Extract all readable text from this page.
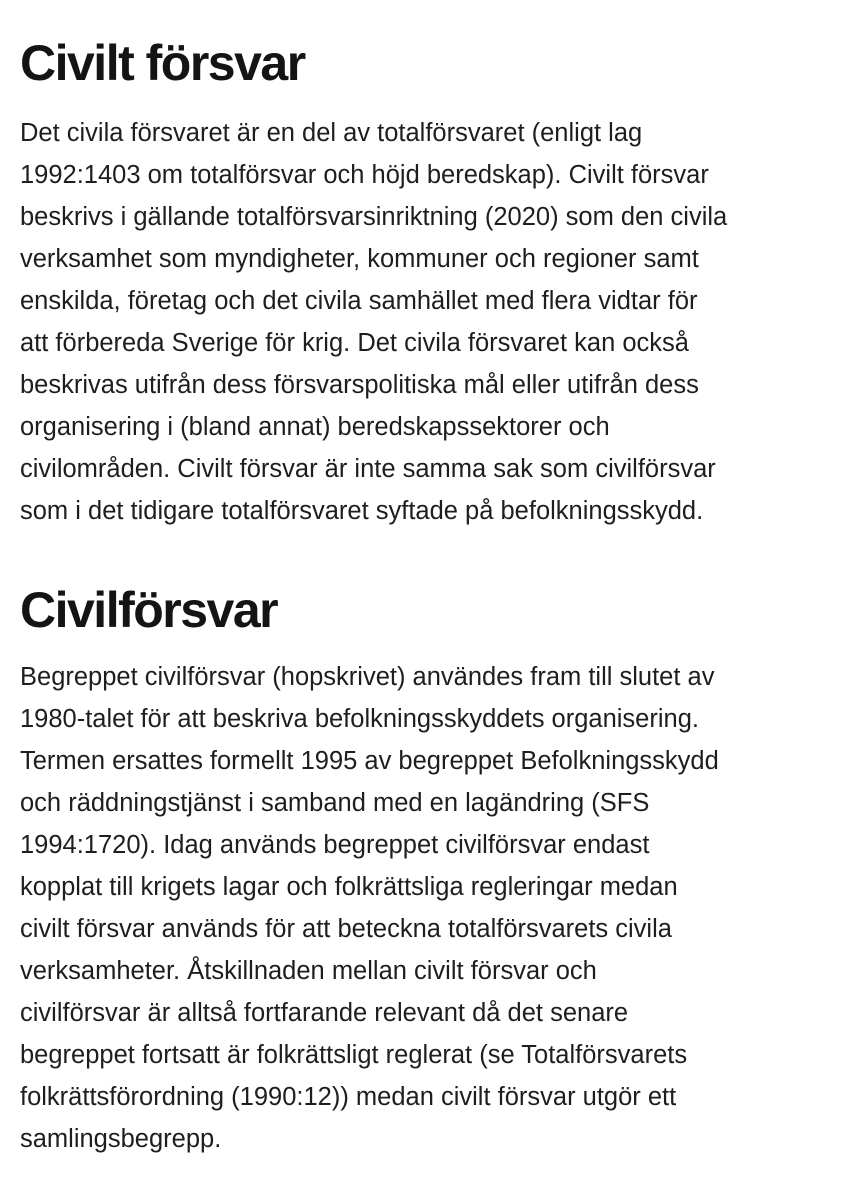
Civilt försvar
Det civila försvaret är en del av totalförsvaret (enligt lag
1992:1403 om totalförsvar och höjd beredskap). Civilt försvar
beskrivs i gällande totalförsvarsinriktning (2020) som den civila
verksamhet som myndigheter, kommuner och regioner samt
enskilda, företag och det civila samhället med flera vidtar för
att förbereda Sverige för krig. Det civila försvaret kan också
beskrivas utifrån dess försvarspolitiska mål eller utifrån dess
organisering i (bland annat) beredskapssektorer och
civilområden. Civilt försvar är inte samma sak som civilförsvar
som i det tidigare totalförsvaret syftade på befolkningsskydd.
Civilförsvar
Begreppet civilförsvar (hopskrivet) användes fram till slutet av
1980-talet för att beskriva befolkningsskyddets organisering.
Termen ersattes formellt 1995 av begreppet Befolkningsskydd
och räddningstjänst i samband med en lagändring (SFS
1994:1720). Idag används begreppet civilförsvar endast
kopplat till krigets lagar och folkrättsliga regleringar medan
civilt försvar används för att beteckna totalförsvarets civila
verksamheter. Åtskillnaden mellan civilt försvar och
civilförsvar är alltså fortfarande relevant då det senare
begreppet fortsatt är folkrättsligt reglerat (se Totalförsvarets
folkrättsförordning (1990:12)) medan civilt försvar utgör ett
samlingsbegrepp.
